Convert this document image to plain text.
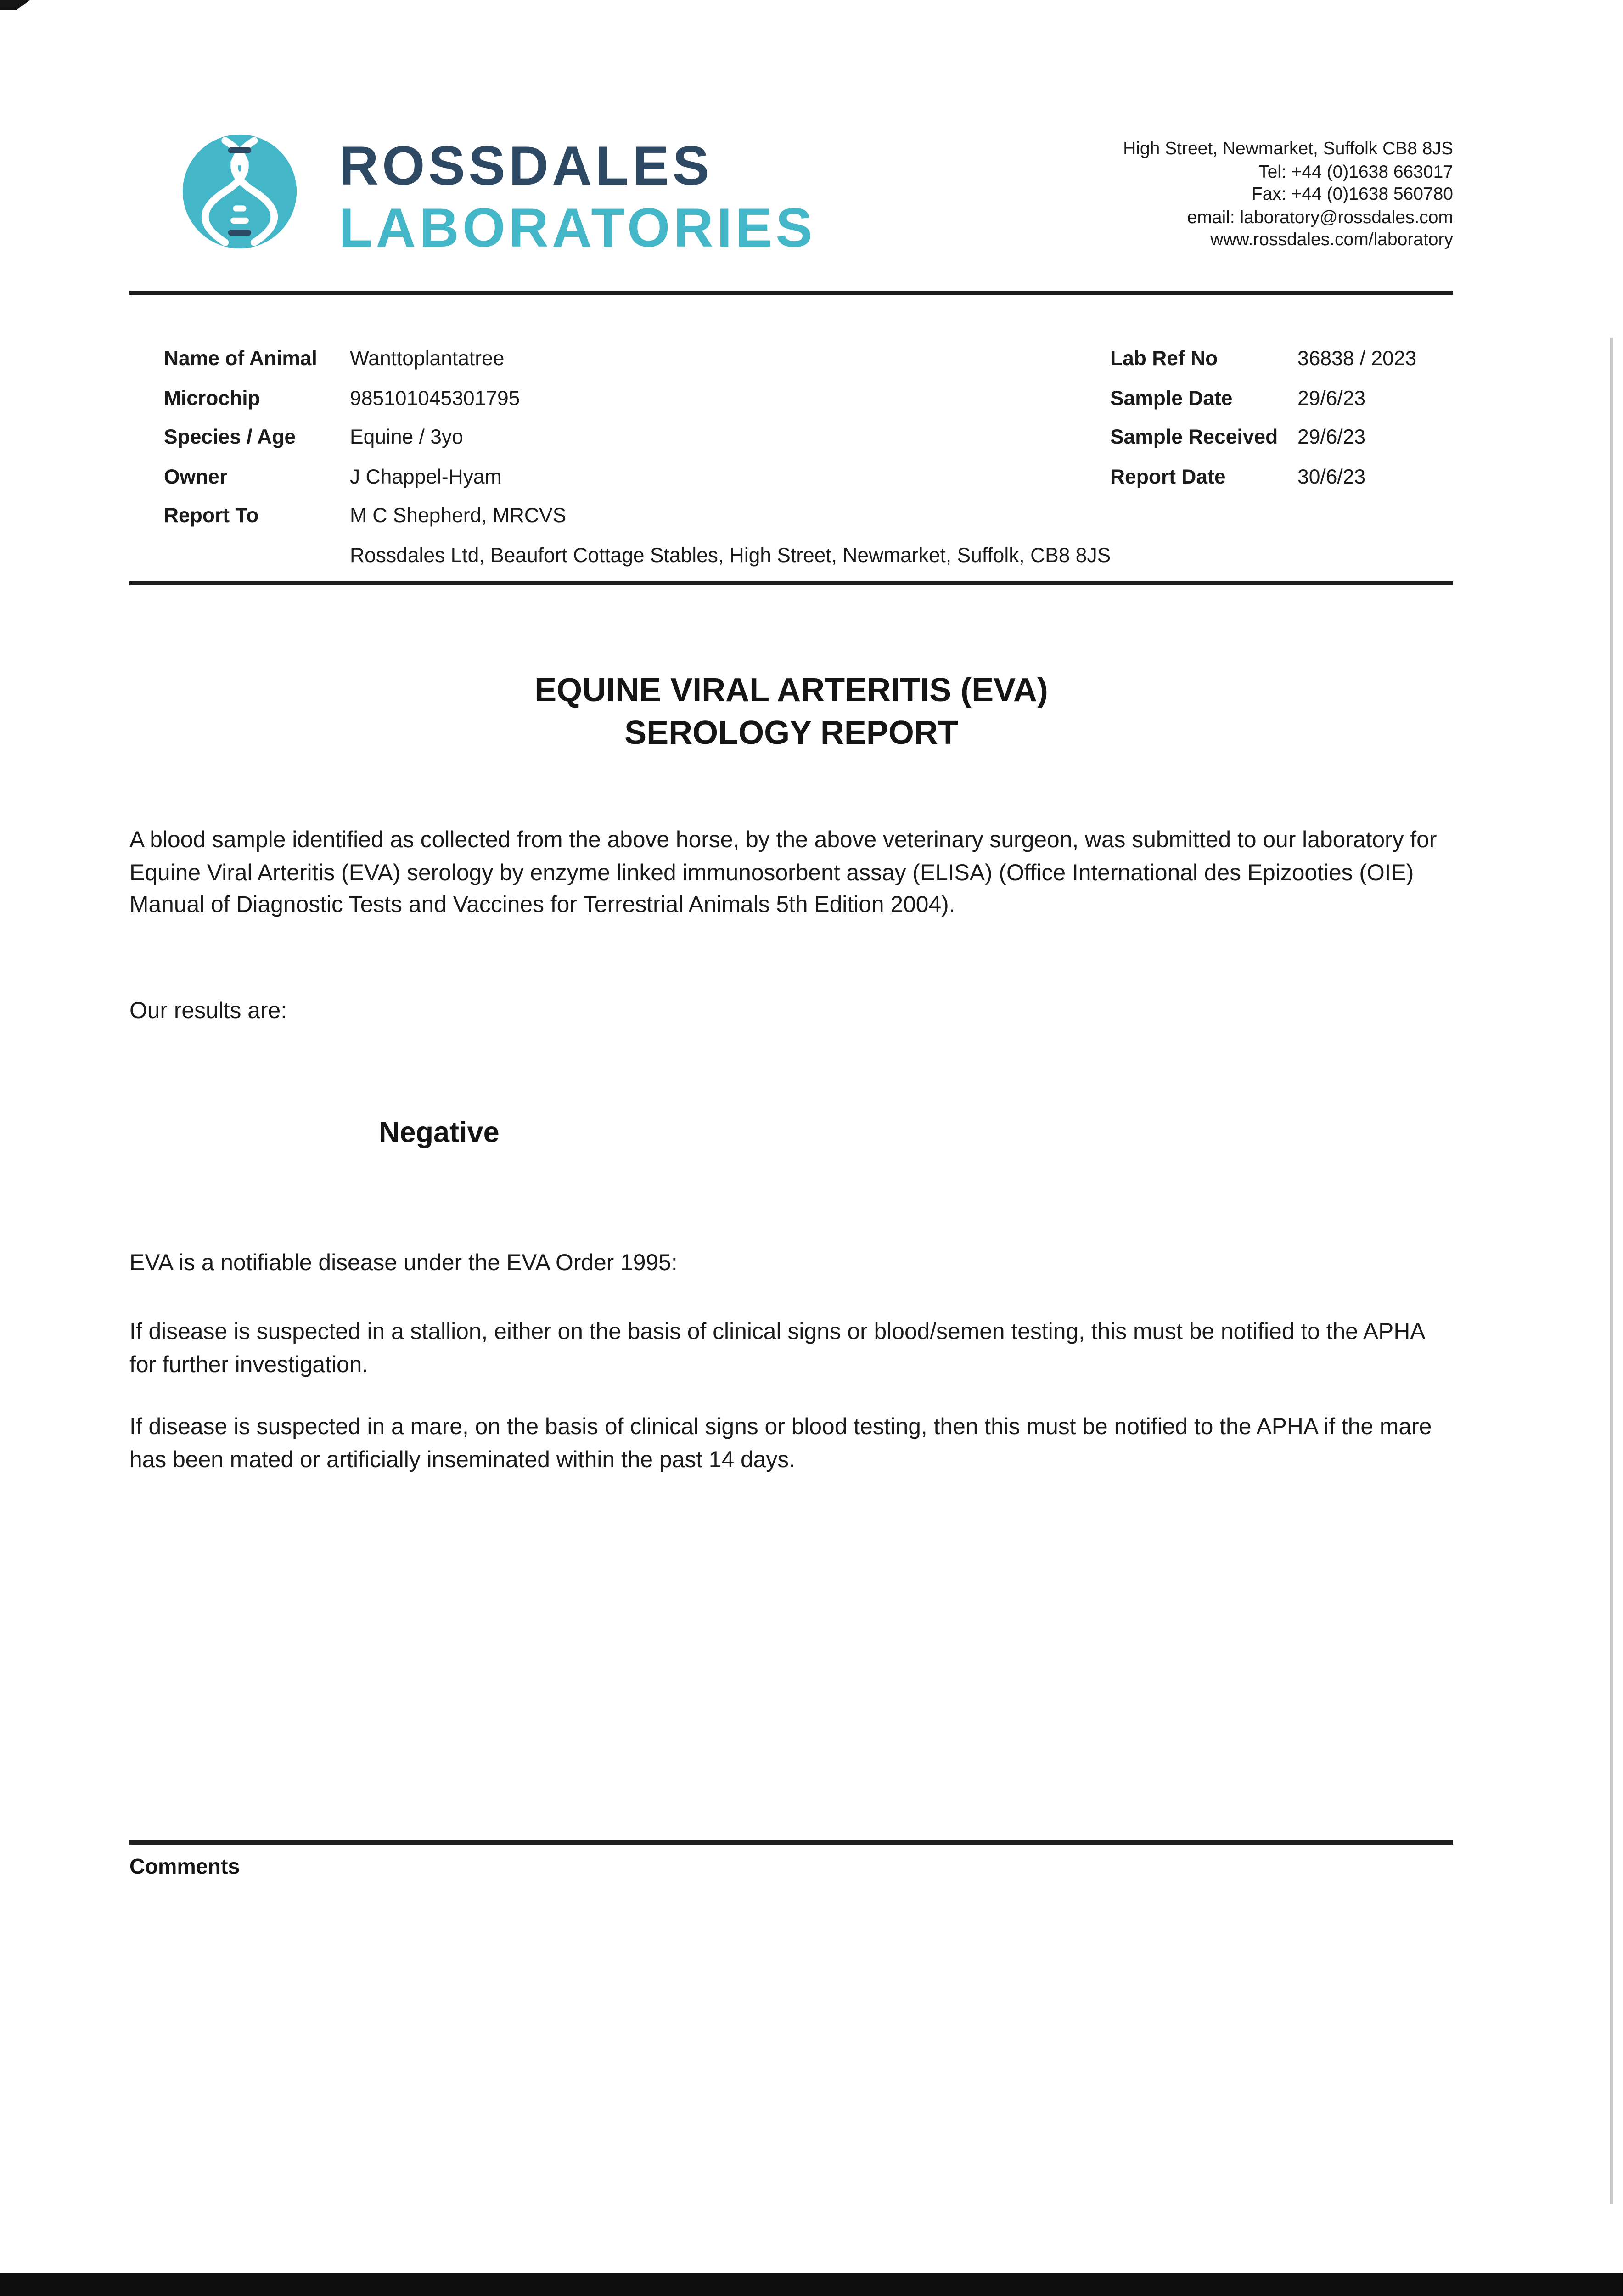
ROSSDALES
LABORATORIES
High Street, Newmarket, Suffolk CB8 8JS
Tel: +44 (0)1638 663017
Fax: +44 (0)1638 560780
email: laboratory@rossdales.com
www.rossdales.com/laboratory
Name of Animal	Wanttoplantatree
Microchip	985101045301795
Species / Age	Equine / 3yo
Owner	J Chappel-Hyam
Report To	M C Shepherd, MRCVS
Rossdales Ltd, Beaufort Cottage Stables, High Street, Newmarket, Suffolk, CB8 8JS
Lab Ref No	36838 / 2023
Sample Date	29/6/23
Sample Received	29/6/23
Report Date	30/6/23
EQUINE VIRAL ARTERITIS (EVA)
SEROLOGY REPORT
A blood sample identified as collected from the above horse, by the above veterinary surgeon, was submitted to our laboratory for Equine Viral Arteritis (EVA) serology by enzyme linked immunosorbent assay (ELISA) (Office International des Epizooties (OIE) Manual of Diagnostic Tests and Vaccines for Terrestrial Animals 5th Edition 2004).
Our results are:
Negative
EVA is a notifiable disease under the EVA Order 1995:
If disease is suspected in a stallion, either on the basis of clinical signs or blood/semen testing, this must be notified to the APHA for further investigation.
If disease is suspected in a mare, on the basis of clinical signs or blood testing, then this must be notified to the APHA if the mare has been mated or artificially inseminated within the past 14 days.
Comments
